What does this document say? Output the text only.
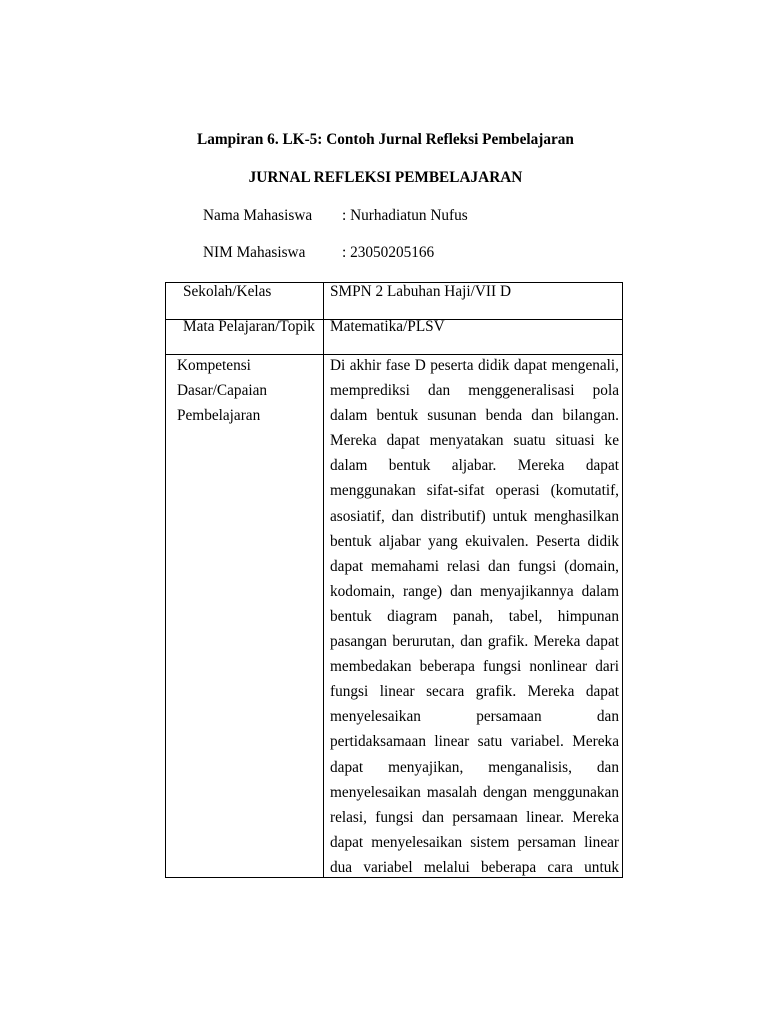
Lampiran 6. LK-5: Contoh Jurnal Refleksi Pembelajaran
JURNAL REFLEKSI PEMBELAJARAN
Nama Mahasiswa : Nurhadiatun Nufus
NIM Mahasiswa : 23050205166
Sekolah/Kelas	SMPN 2 Labuhan Haji/VII D
Mata Pelajaran/Topik Matematika/PLSV
Kompetensi
Dasar/Capaian
Pembelajaran
Di akhir fase D peserta didik dapat mengenali,
memprediksi dan menggeneralisasi pola
dalam bentuk susunan benda dan bilangan.
Mereka dapat menyatakan suatu situasi ke
dalam bentuk aljabar. Mereka dapat
menggunakan sifat-sifat operasi (komutatif,
asosiatif, dan distributif) untuk menghasilkan
bentuk aljabar yang ekuivalen. Peserta didik
dapat memahami relasi dan fungsi (domain,
kodomain, range) dan menyajikannya dalam
bentuk diagram panah, tabel, himpunan
pasangan berurutan, dan grafik. Mereka dapat
membedakan beberapa fungsi nonlinear dari
fungsi linear secara grafik. Mereka dapat
menyelesaikan persamaan dan
pertidaksamaan linear satu variabel. Mereka
dapat menyajikan, menganalisis, dan
menyelesaikan masalah dengan menggunakan
relasi, fungsi dan persamaan linear. Mereka
dapat menyelesaikan sistem persaman linear
dua variabel melalui beberapa cara untuk
